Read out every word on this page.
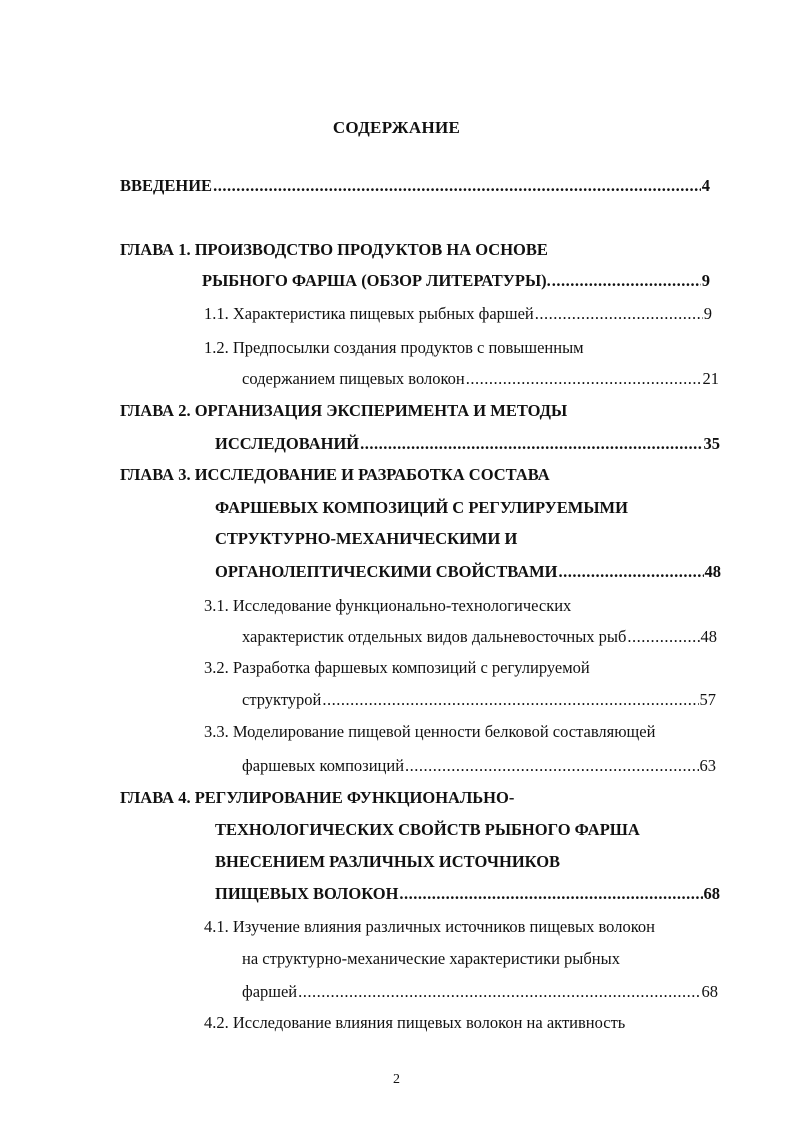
СОДЕРЖАНИЕ
ВВЕДЕНИЕ .....	4
ГЛАВА 1. ПРОИЗВОДСТВО ПРОДУКТОВ НА ОСНОВЕ
РЫБНОГО ФАРША (ОБЗОР ЛИТЕРАТУРЫ). .....	9
1.1. Характеристика пищевых рыбных фаршей .....	9
1.2. Предпосылки создания продуктов с повышенным
содержанием пищевых волокон .....	21
ГЛАВА 2. ОРГАНИЗАЦИЯ ЭКСПЕРИМЕНТА И МЕТОДЫ
ИССЛЕДОВАНИЙ .....	35
ГЛАВА 3. ИССЛЕДОВАНИЕ И РАЗРАБОТКА СОСТАВА
ФАРШЕВЫХ КОМПОЗИЦИЙ С РЕГУЛИРУЕМЫМИ
СТРУКТУРНО-МЕХАНИЧЕСКИМИ И
ОРГАНОЛЕПТИЧЕСКИМИ СВОЙСТВАМИ .....	48
3.1. Исследование функционально-технологических
характеристик отдельных видов дальневосточных рыб .....	48
3.2. Разработка фаршевых композиций с регулируемой
структурой .....	57
3.3. Моделирование пищевой ценности белковой составляющей
фаршевых композиций .....	63
ГЛАВА 4. РЕГУЛИРОВАНИЕ ФУНКЦИОНАЛЬНО-
ТЕХНОЛОГИЧЕСКИХ СВОЙСТВ РЫБНОГО ФАРША
ВНЕСЕНИЕМ РАЗЛИЧНЫХ ИСТОЧНИКОВ
ПИЩЕВЫХ ВОЛОКОН .....	68
4.1. Изучение влияния различных источников пищевых волокон
на структурно-механические характеристики рыбных
фаршей .....	68
4.2. Исследование влияния пищевых волокон на активность
2
